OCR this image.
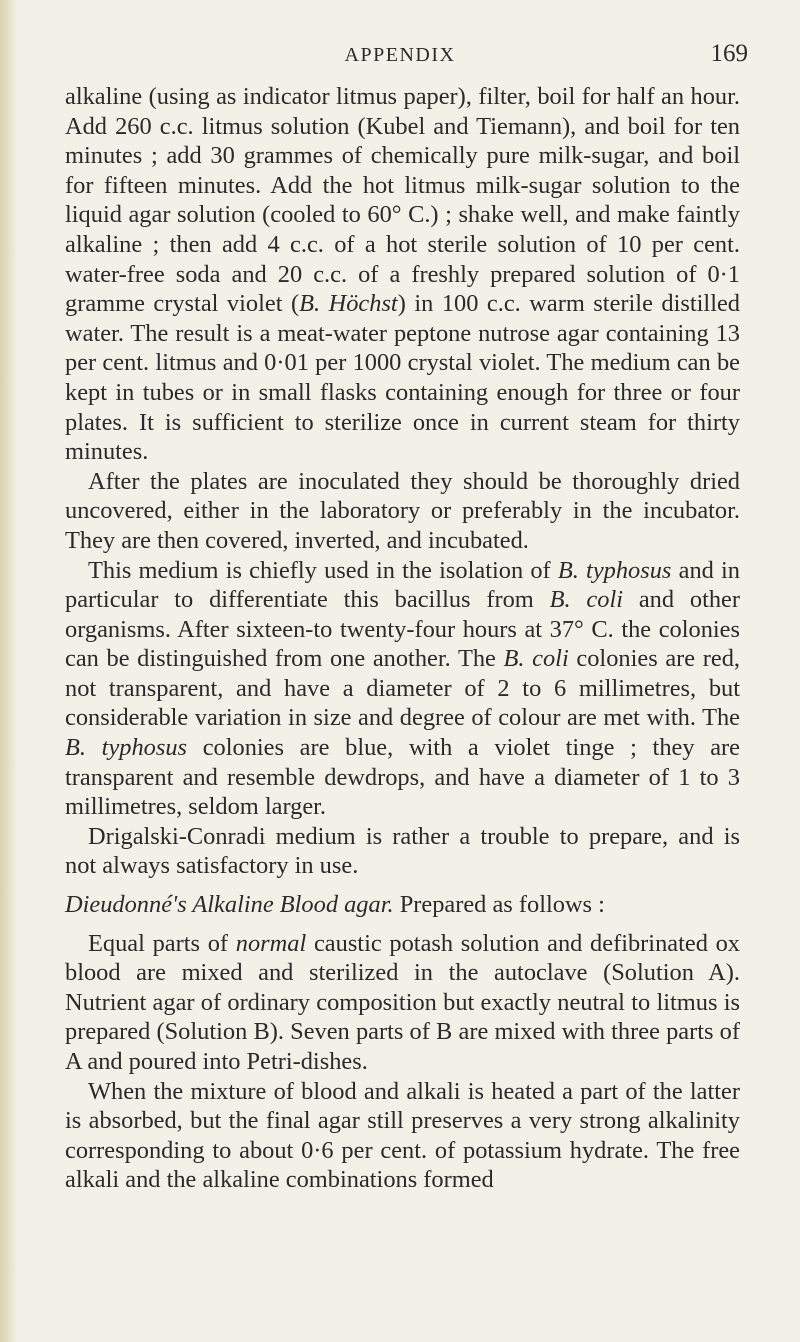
APPENDIX	169

alkaline (using as indicator litmus paper), filter, boil for half an hour. Add 260 c.c. litmus solution (Kubel and Tiemann), and boil for ten minutes ; add 30 grammes of chemically pure milk-sugar, and boil for fifteen minutes. Add the hot litmus milk-sugar solution to the liquid agar solution (cooled to 60° C.) ; shake well, and make faintly alkaline ; then add 4 c.c. of a hot sterile solution of 10 per cent. water-free soda and 20 c.c. of a freshly prepared solution of 0·1 gramme crystal violet (B. Höchst) in 100 c.c. warm sterile distilled water. The result is a meat-water peptone nutrose agar containing 13 per cent. litmus and 0·01 per 1000 crystal violet. The medium can be kept in tubes or in small flasks containing enough for three or four plates. It is sufficient to sterilize once in current steam for thirty minutes.

After the plates are inoculated they should be thoroughly dried uncovered, either in the laboratory or preferably in the incubator. They are then covered, inverted, and incubated.

This medium is chiefly used in the isolation of B. typhosus and in particular to differentiate this bacillus from B. coli and other organisms. After sixteen-to twenty-four hours at 37° C. the colonies can be distinguished from one another. The B. coli colonies are red, not transparent, and have a diameter of 2 to 6 millimetres, but considerable variation in size and degree of colour are met with. The B. typhosus colonies are blue, with a violet tinge ; they are transparent and resemble dewdrops, and have a diameter of 1 to 3 millimetres, seldom larger.

Drigalski-Conradi medium is rather a trouble to prepare, and is not always satisfactory in use.

Dieudonné's Alkaline Blood agar. Prepared as follows :

Equal parts of normal caustic potash solution and defibrinated ox blood are mixed and sterilized in the autoclave (Solution A). Nutrient agar of ordinary composition but exactly neutral to litmus is prepared (Solution B). Seven parts of B are mixed with three parts of A and poured into Petri-dishes.

When the mixture of blood and alkali is heated a part of the latter is absorbed, but the final agar still preserves a very strong alkalinity corresponding to about 0·6 per cent. of potassium hydrate. The free alkali and the alkaline combinations formed
